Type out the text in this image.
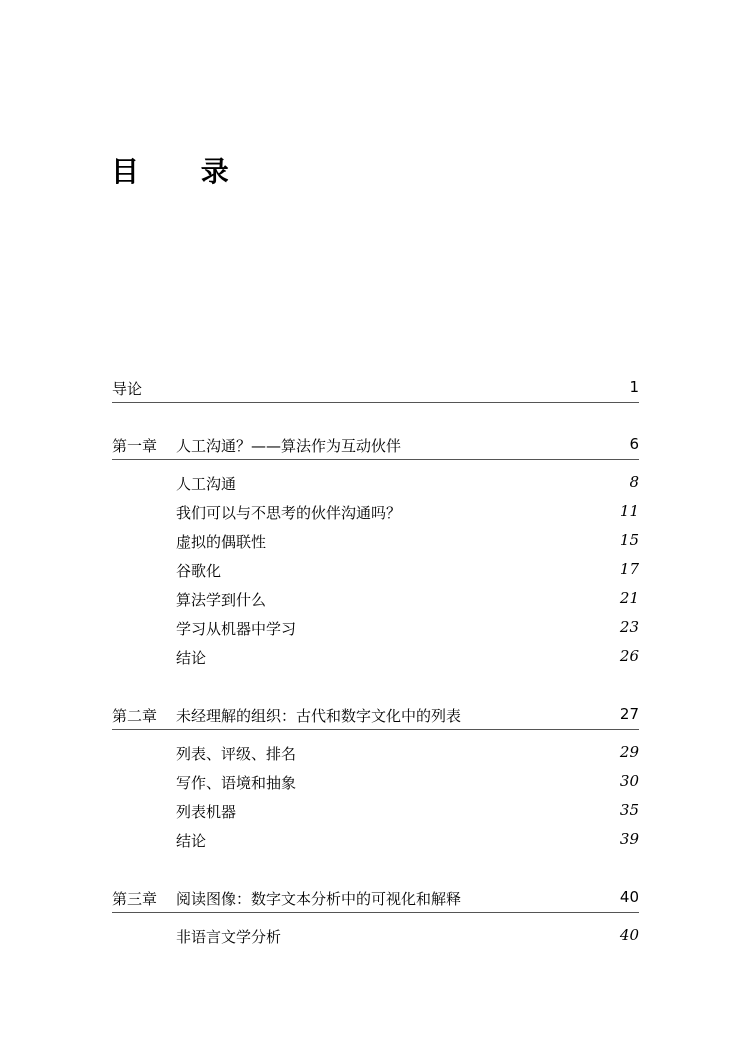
目 录
导论	1
第一章 人工沟通？——算法作为互动伙伴	6
人工沟通	8
我们可以与不思考的伙伴沟通吗？	11
虚拟的偶联性	15
谷歌化	17
算法学到什么	21
学习从机器中学习	23
结论	26
第二章 未经理解的组织：古代和数字文化中的列表	27
列表、评级、排名	29
写作、语境和抽象	30
列表机器	35
结论	39
第三章 阅读图像：数字文本分析中的可视化和解释	40
非语言文学分析	40
